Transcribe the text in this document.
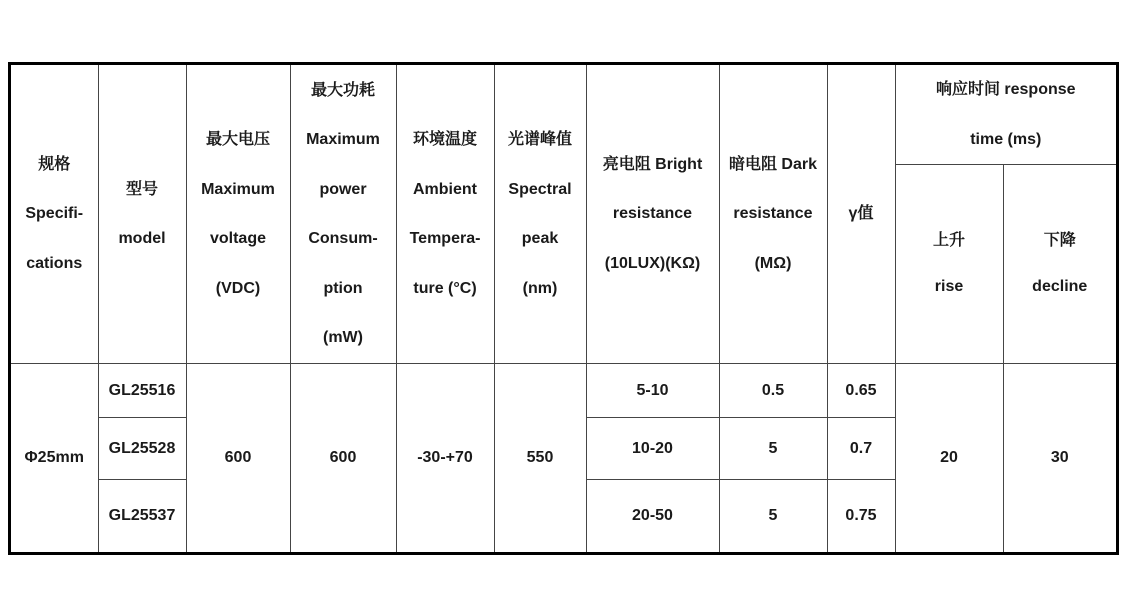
规格
Specifi-
cations

型号
model

最大电压
Maximum
voltage
(VDC)

最大功耗
Maximum
power
Consum-
ption
(mW)

环境温度
Ambient
Tempera-
ture (°C)

光谱峰值
Spectral
peak
(nm)

亮电阻 Bright
resistance
(10LUX)(KΩ)

暗电阻 Dark
resistance
(MΩ)

γ值

响应时间 response
time (ms)

上升
rise

下降
decline

Φ25mm	GL25516	600	600	-30-+70	550	5-10	0.5	0.65	20	30
	GL25528					10-20	5	0.7		
	GL25537					20-50	5	0.75		
